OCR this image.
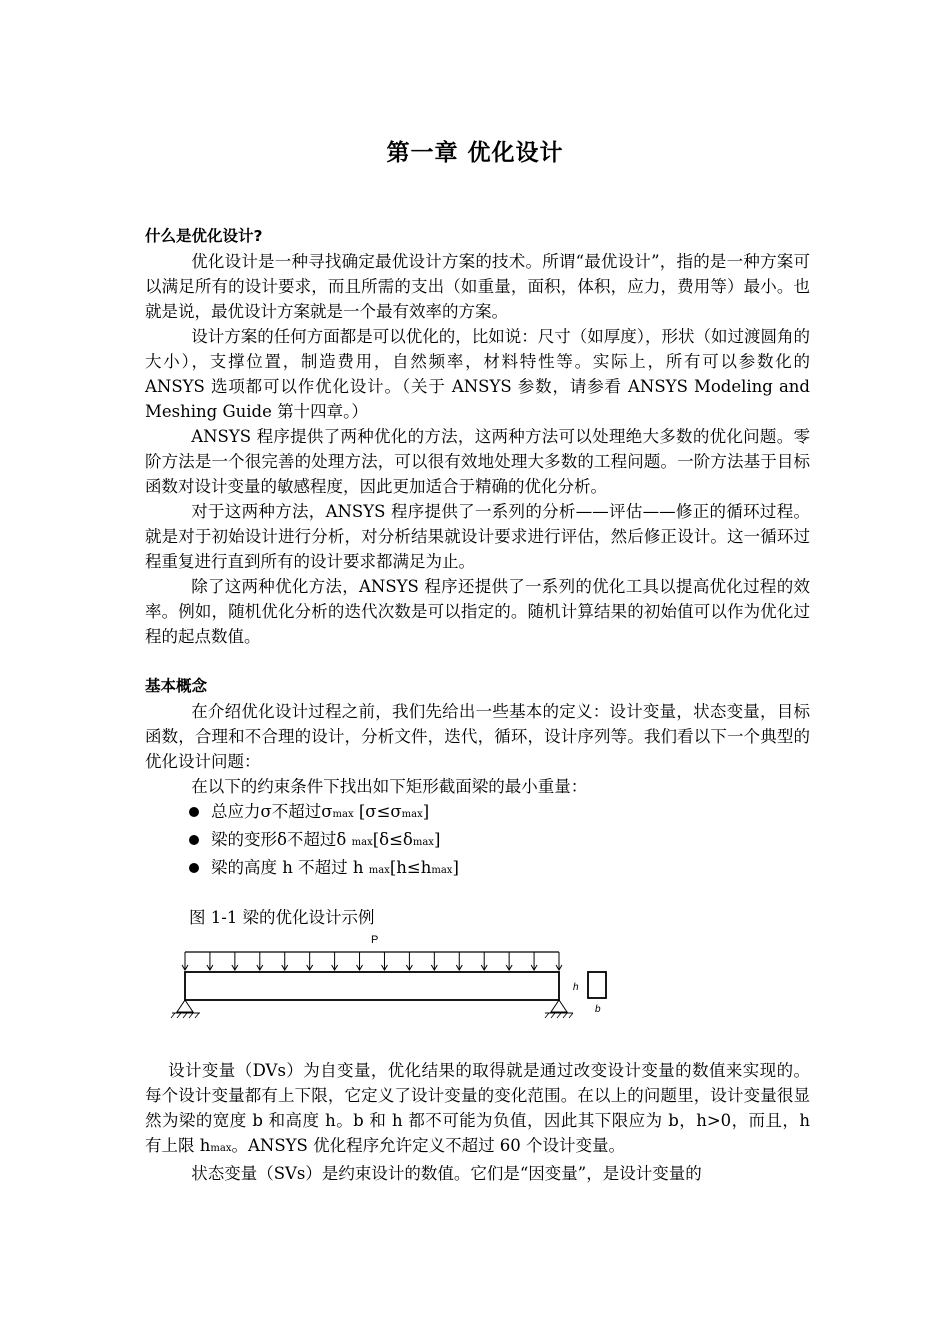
第一章 优化设计
什么是优化设计?

优化设计是一种寻找确定最优设计方案的技术。所谓“最优设计”，指的是一种方案可以满足所有的设计要求，而且所需的支出（如重量，面积，体积，应力，费用等）最小。也就是说，最优设计方案就是一个最有效率的方案。

设计方案的任何方面都是可以优化的，比如说：尺寸（如厚度），形状（如过渡圆角的大小），支撑位置，制造费用，自然频率，材料特性等。实际上，所有可以参数化的 ANSYS 选项都可以作优化设计。（关于 ANSYS 参数，请参看 ANSYS Modeling and Meshing Guide 第十四章。）

ANSYS 程序提供了两种优化的方法，这两种方法可以处理绝大多数的优化问题。零阶方法是一个很完善的处理方法，可以很有效地处理大多数的工程问题。一阶方法基于目标函数对设计变量的敏感程度，因此更加适合于精确的优化分析。

对于这两种方法，ANSYS 程序提供了一系列的分析——评估——修正的循环过程。就是对于初始设计进行分析，对分析结果就设计要求进行评估，然后修正设计。这一循环过程重复进行直到所有的设计要求都满足为止。

除了这两种优化方法，ANSYS 程序还提供了一系列的优化工具以提高优化过程的效率。例如，随机优化分析的迭代次数是可以指定的。随机计算结果的初始值可以作为优化过程的起点数值。

基本概念

在介绍优化设计过程之前，我们先给出一些基本的定义：设计变量，状态变量，目标函数，合理和不合理的设计，分析文件，迭代，循环，设计序列等。我们看以下一个典型的优化设计问题：

在以下的约束条件下找出如下矩形截面梁的最小重量：

总应力σ不超过σmax [σ≤σmax]
梁的变形δ不超过δ max[δ≤δmax]
梁的高度 h 不超过 h max[h≤hmax]
图 1-1 梁的优化设计示例
P
h
b

设计变量（DVs）为自变量，优化结果的取得就是通过改变设计变量的数值来实现的。每个设计变量都有上下限，它定义了设计变量的变化范围。在以上的问题里，设计变量很显然为梁的宽度 b 和高度 h。b 和 h 都不可能为负值，因此其下限应为 b，h>0，而且，h 有上限 hmax。ANSYS 优化程序允许定义不超过 60 个设计变量。

状态变量（SVs）是约束设计的数值。它们是“因变量”，是设计变量的
